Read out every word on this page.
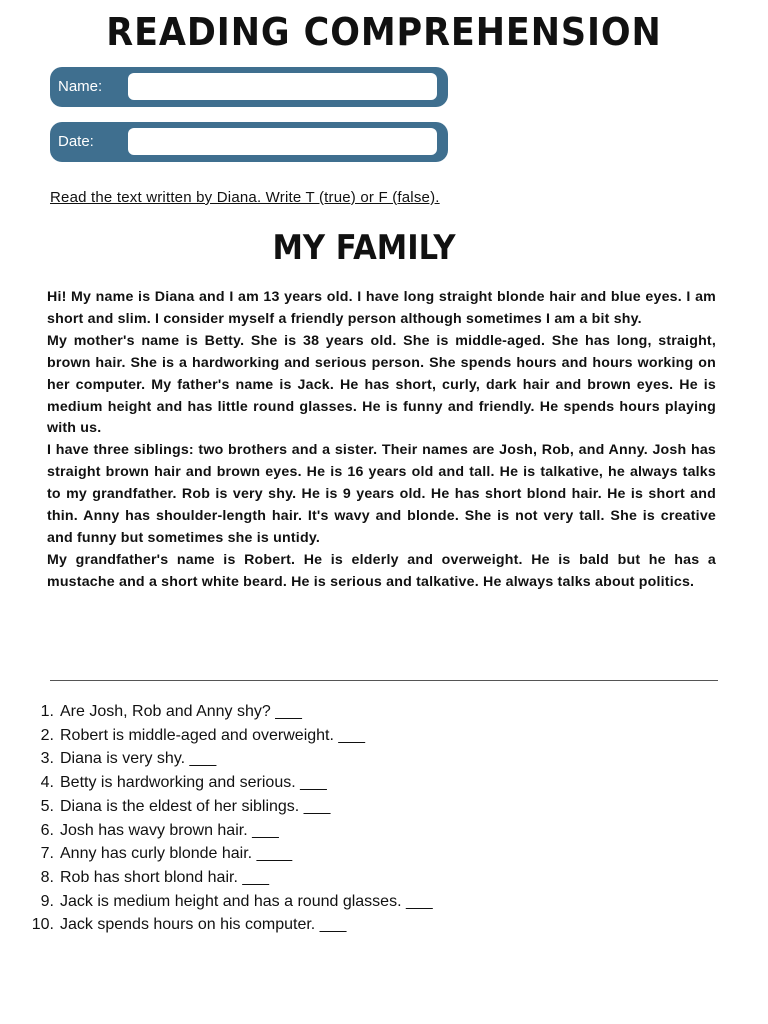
READING COMPREHENSION
Name:
Date:
Read the text written by Diana. Write T (true) or F (false).
MY FAMILY

Hi! My name is Diana and I am 13 years old. I have long straight blonde hair and blue eyes. I am short and slim. I consider myself a friendly person although sometimes I am a bit shy.

My mother's name is Betty. She is 38 years old. She is middle-aged. She has long, straight, brown hair. She is a hardworking and serious person. She spends hours and hours working on her computer. My father's name is Jack. He has short, curly, dark hair and brown eyes. He is medium height and has little round glasses. He is funny and friendly. He spends hours playing with us.

I have three siblings: two brothers and a sister. Their names are Josh, Rob, and Anny. Josh has straight brown hair and brown eyes. He is 16 years old and tall. He is talkative, he always talks to my grandfather. Rob is very shy. He is 9 years old. He has short blond hair. He is short and thin. Anny has shoulder-length hair. It's wavy and blonde. She is not very tall. She is creative and funny but sometimes she is untidy.

My grandfather's name is Robert. He is elderly and overweight. He is bald but he has a mustache and a short white beard. He is serious and talkative. He always talks about politics.

1. Are Josh, Rob and Anny shy? ___
2. Robert is middle-aged and overweight. ___
3. Diana is very shy. ___
4. Betty is hardworking and serious. ___
5. Diana is the eldest of her siblings. ___
6. Josh has wavy brown hair. ___
7. Anny has curly blonde hair. ____
8. Rob has short blond hair. ___
9. Jack is medium height and has a round glasses. ___
10. Jack spends hours on his computer. ___
